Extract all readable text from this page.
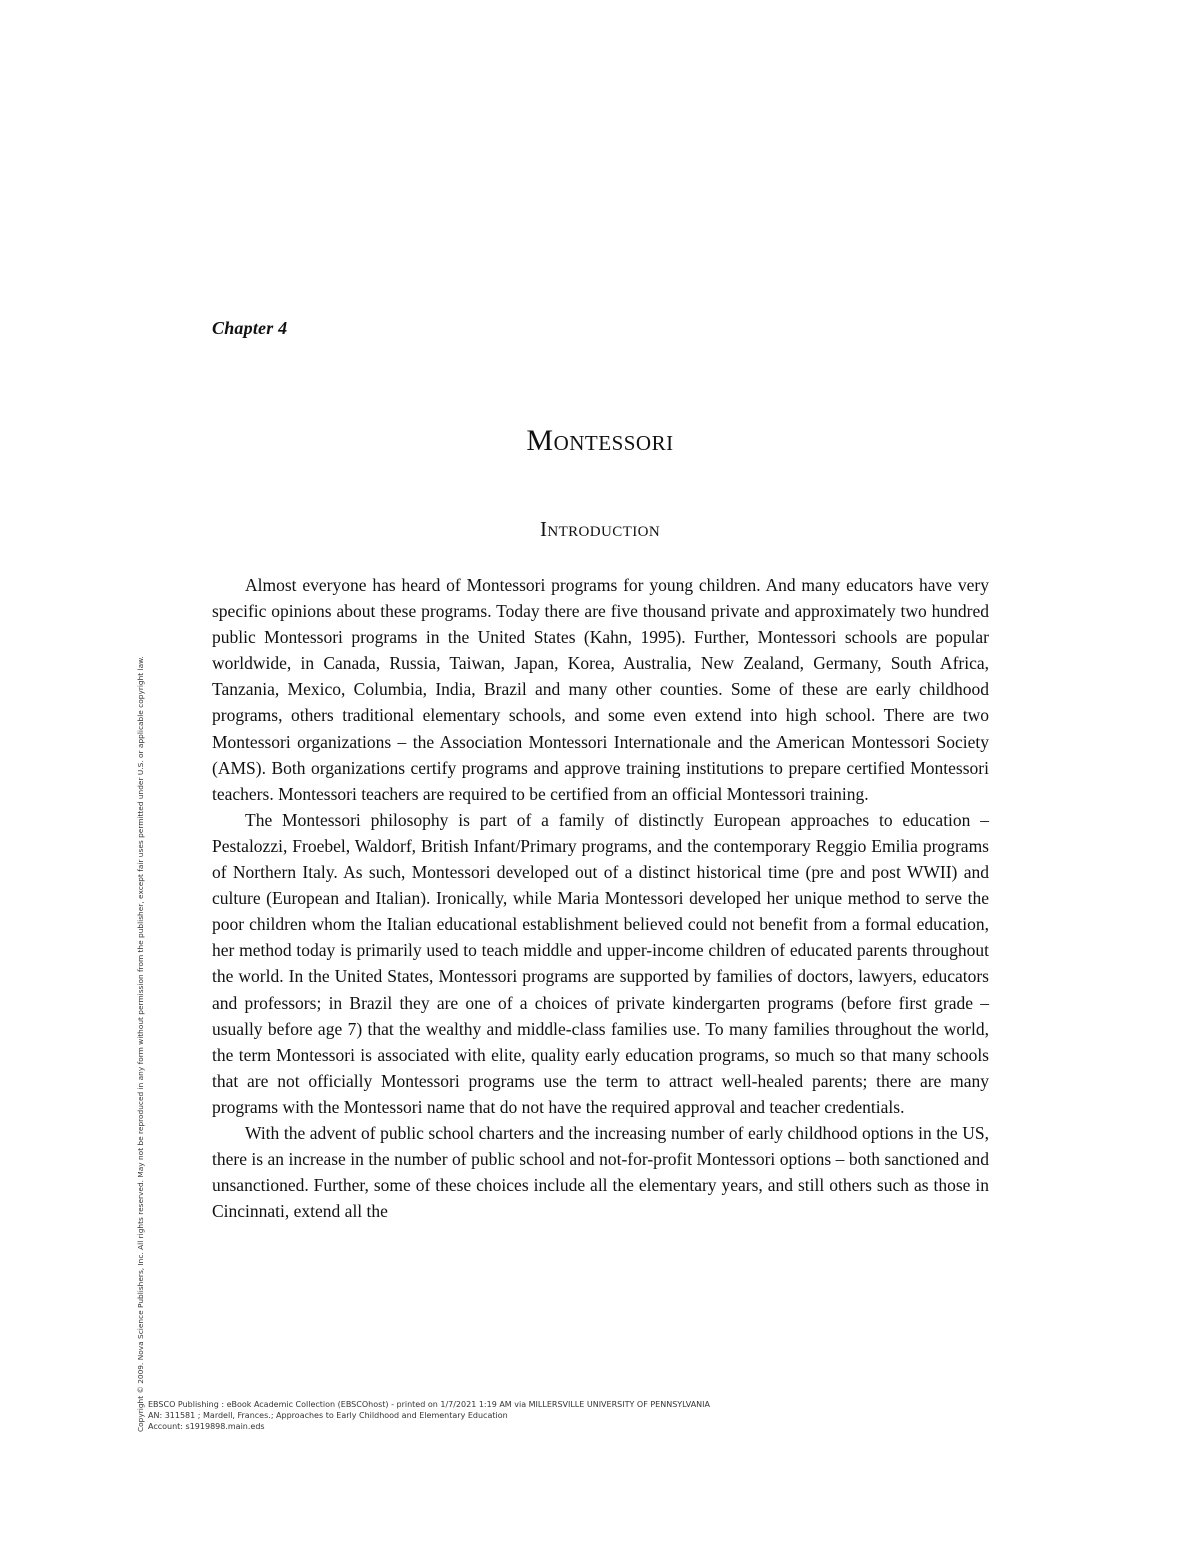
Chapter 4
Montessori
Introduction

Almost everyone has heard of Montessori programs for young children. And many educators have very specific opinions about these programs. Today there are five thousand private and approximately two hundred public Montessori programs in the United States (Kahn, 1995). Further, Montessori schools are popular worldwide, in Canada, Russia, Taiwan, Japan, Korea, Australia, New Zealand, Germany, South Africa, Tanzania, Mexico, Columbia, India, Brazil and many other counties. Some of these are early childhood programs, others traditional elementary schools, and some even extend into high school. There are two Montessori organizations – the Association Montessori Internationale and the American Montessori Society (AMS). Both organizations certify programs and approve training institutions to prepare certified Montessori teachers. Montessori teachers are required to be certified from an official Montessori training.

The Montessori philosophy is part of a family of distinctly European approaches to education – Pestalozzi, Froebel, Waldorf, British Infant/Primary programs, and the contemporary Reggio Emilia programs of Northern Italy. As such, Montessori developed out of a distinct historical time (pre and post WWII) and culture (European and Italian). Ironically, while Maria Montessori developed her unique method to serve the poor children whom the Italian educational establishment believed could not benefit from a formal education, her method today is primarily used to teach middle and upper-income children of educated parents throughout the world. In the United States, Montessori programs are supported by families of doctors, lawyers, educators and professors; in Brazil they are one of a choices of private kindergarten programs (before first grade – usually before age 7) that the wealthy and middle-class families use. To many families throughout the world, the term Montessori is associated with elite, quality early education programs, so much so that many schools that are not officially Montessori programs use the term to attract well-healed parents; there are many programs with the Montessori name that do not have the required approval and teacher credentials.

With the advent of public school charters and the increasing number of early childhood options in the US, there is an increase in the number of public school and not-for-profit Montessori options – both sanctioned and unsanctioned. Further, some of these choices include all the elementary years, and still others such as those in Cincinnati, extend all the

Copyright © 2009. Nova Science Publishers, Inc. All rights reserved. May not be reproduced in any form without permission from the publisher, except fair uses permitted under U.S. or applicable copyright law. EBSCO Publishing : eBook Academic Collection (EBSCOhost) - printed on 1/7/2021 1:19 AM via MILLERSVILLE UNIVERSITY OF PENNSYLVANIA
AN: 311581 ; Mardell, Frances.; Approaches to Early Childhood and Elementary Education
Account: s1919898.main.eds
